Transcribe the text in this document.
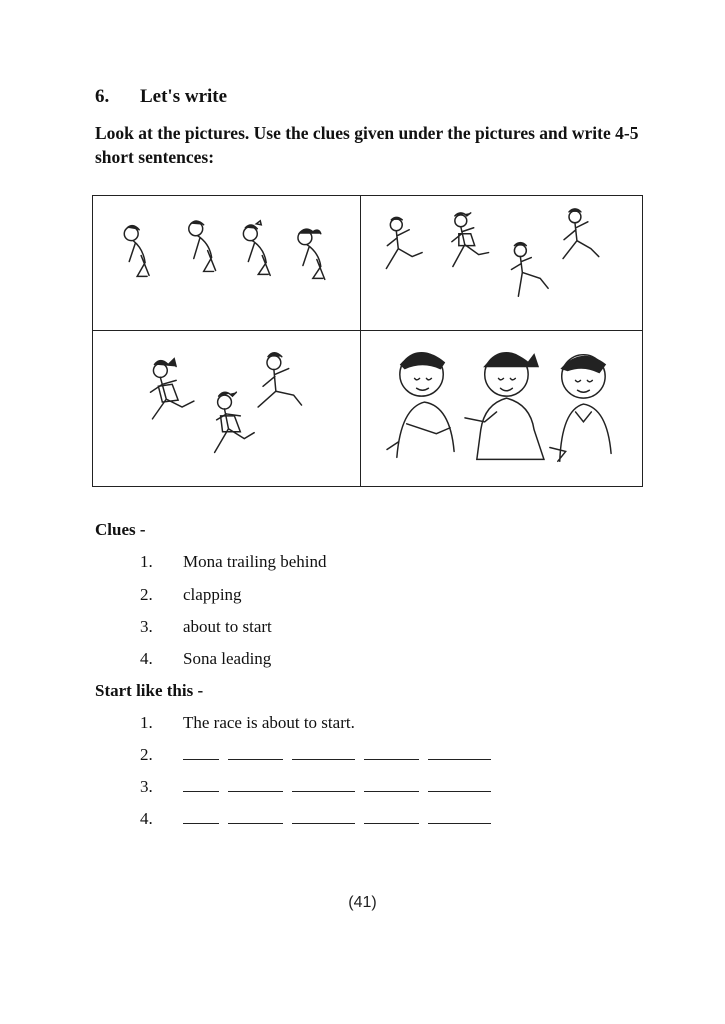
6. Let's write
Look at the pictures. Use the clues given under the pictures and write 4-5 short sentences:
Clues -
1. Mona trailing behind
2. clapping
3. about to start
4. Sona leading
Start like this -
1. The race is about to start.
2.
3.
4.
(41)
